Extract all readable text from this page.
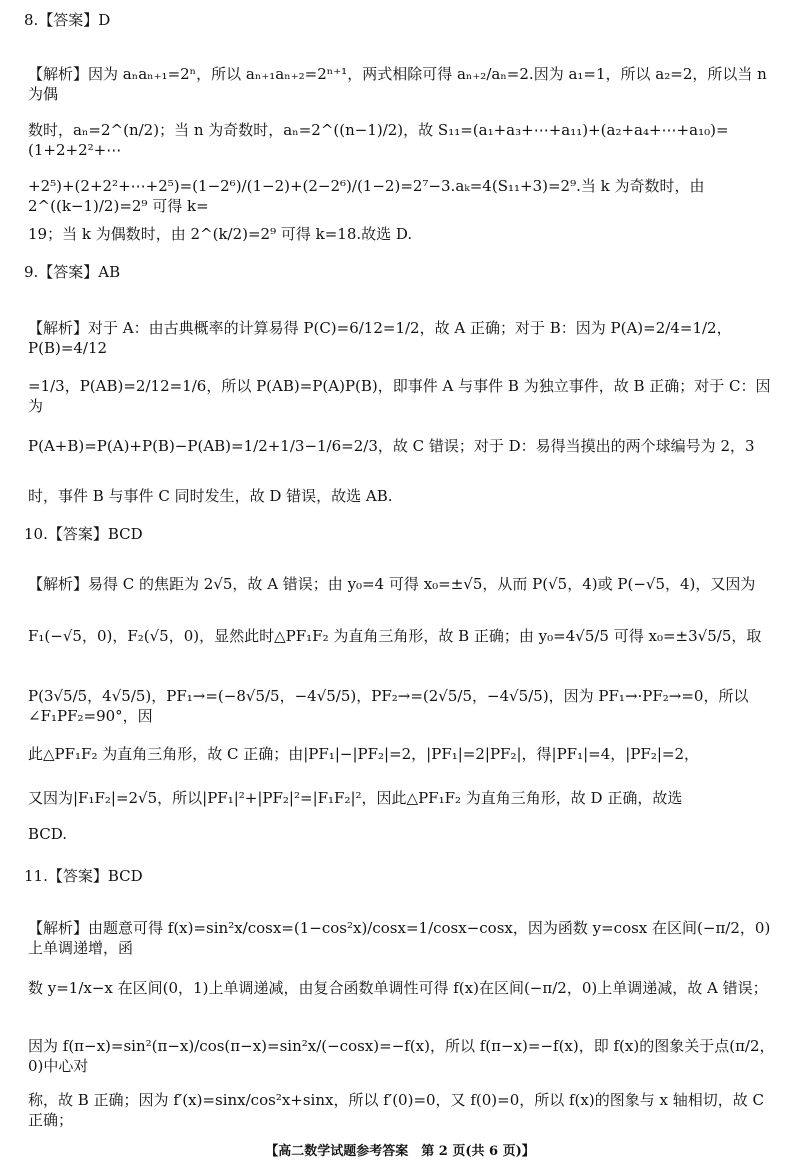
8.【答案】D
【解析】因为 aₙaₙ₊₁=2ⁿ，所以 aₙ₊₁aₙ₊₂=2ⁿ⁺¹，两式相除可得 aₙ₊₂/aₙ=2.因为 a₁=1，所以 a₂=2，所以当 n 为偶
数时，aₙ=2^(n/2)；当 n 为奇数时，aₙ=2^((n−1)/2)，故 S₁₁=(a₁+a₃+⋯+a₁₁)+(a₂+a₄+⋯+a₁₀)=(1+2+2²+⋯
+2⁵)+(2+2²+⋯+2⁵)=(1−2⁶)/(1−2)+(2−2⁶)/(1−2)=2⁷−3.aₖ=4(S₁₁+3)=2⁹.当 k 为奇数时，由 2^((k−1)/2)=2⁹ 可得 k=
19；当 k 为偶数时，由 2^(k/2)=2⁹ 可得 k=18.故选 D.
9.【答案】AB
【解析】对于 A：由古典概率的计算易得 P(C)=6/12=1/2，故 A 正确；对于 B：因为 P(A)=2/4=1/2，P(B)=4/12
=1/3，P(AB)=2/12=1/6，所以 P(AB)=P(A)P(B)，即事件 A 与事件 B 为独立事件，故 B 正确；对于 C：因为
P(A+B)=P(A)+P(B)−P(AB)=1/2+1/3−1/6=2/3，故 C 错误；对于 D：易得当摸出的两个球编号为 2，3
时，事件 B 与事件 C 同时发生，故 D 错误，故选 AB.
10.【答案】BCD
【解析】易得 C 的焦距为 2√5，故 A 错误；由 y₀=4 可得 x₀=±√5，从而 P(√5，4)或 P(−√5，4)，又因为
F₁(−√5，0)，F₂(√5，0)，显然此时△PF₁F₂ 为直角三角形，故 B 正确；由 y₀=4√5/5 可得 x₀=±3√5/5，取
P(3√5/5，4√5/5)，PF₁→=(−8√5/5，−4√5/5)，PF₂→=(2√5/5，−4√5/5)，因为 PF₁→·PF₂→=0，所以∠F₁PF₂=90°，因
此△PF₁F₂ 为直角三角形，故 C 正确；由|PF₁|−|PF₂|=2，|PF₁|=2|PF₂|，得|PF₁|=4，|PF₂|=2，
又因为|F₁F₂|=2√5，所以|PF₁|²+|PF₂|²=|F₁F₂|²，因此△PF₁F₂ 为直角三角形，故 D 正确，故选
BCD.
11.【答案】BCD
【解析】由题意可得 f(x)=sin²x/cosx=(1−cos²x)/cosx=1/cosx−cosx，因为函数 y=cosx 在区间(−π/2，0)上单调递增，函
数 y=1/x−x 在区间(0，1)上单调递减，由复合函数单调性可得 f(x)在区间(−π/2，0)上单调递减，故 A 错误；
因为 f(π−x)=sin²(π−x)/cos(π−x)=sin²x/(−cosx)=−f(x)，所以 f(π−x)=−f(x)，即 f(x)的图象关于点(π/2，0)中心对
称，故 B 正确；因为 f′(x)=sinx/cos²x+sinx，所以 f′(0)=0，又 f(0)=0，所以 f(x)的图象与 x 轴相切，故 C 正确；
【高二数学试题参考答案　第 2 页(共 6 页)】
